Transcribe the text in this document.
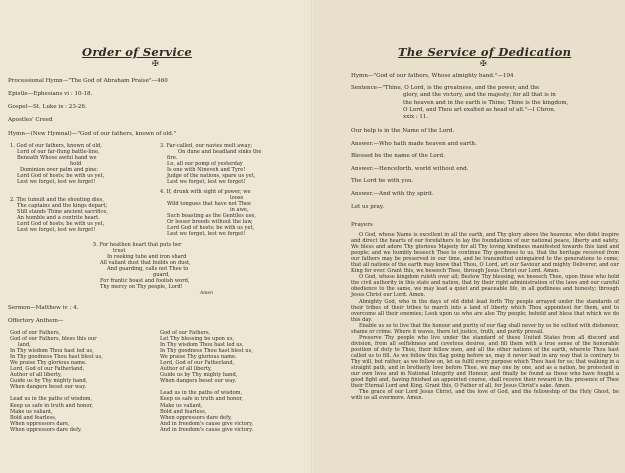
Order of Service
✠
Processional Hymn—"The God of Abraham Praise"—460
Epistle—Ephesians vi : 10-18.
Gospel—St. Luke ix : 23-26.
Apostles' Creed
Hymn—(New Hymnal)—"God of our fathers, known of old."
1. God of our fathers, known of old,
Lord of our far-flung battle-line,
Beneath Whose awful hand we
hold
Dominion over palm and pine:
Lord God of hosts; be with us yet,
Lest we forget, lest we forget!
2. The tumult and the shouting dies,
The captains and the kings depart;
Still stands Thine ancient sacrifice,
An humble and a contrite heart.
Lord God of hosts; be with us yet,
Lest we forget, lest we forget!
3. Far-called, our navies melt away;
On dune and headland sinks the
fire.
Lo, all our pomp of yesterday
Is one with Nineveh and Tyre!
Judge of the nations, spare us yet,
Lest we forget, lest we forget!
4. If, drunk with sight of power, we
loose
Wild tongues that have not Thee
in awe,
Such boasting as the Gentiles use,
Or lesser breeds without the law,
Lord God of hosts; be with us yet,
Lest we forget, lest we forget!
5. For heathen heart that puts her
trust
In reeking tube and iron shard
All valiant dust that builds on dust,
And guarding, calls not Thee to
guard,
For frantic boast and foolish word,
Thy mercy on Thy people, Lord!
Amen
Sermon—Matthew iv : 4.
Offertory Anthem—
God of our Fathers,
God of our Fathers, bless this our
land,
In Thy wisdom Thou hast led us,
In Thy goodness Thou hast blest us,
We praise Thy glorious name.
Lord, God of our Fatherland,
Author of all liberty,
Guide us by Thy mighty hand,
When dangers beset our way.
Lead us in the paths of wisdom,
Keep us safe in truth and honor,
Make us valiant,
Bold and fearless,
When oppressors dare,
When oppressors dare defy.
God of our Fathers,
Let Thy blessing be upon us,
In Thy wisdom Thou hast led us,
In Thy goodness Thou hast blest us,
We praise Thy glorious name.
Lord, God of our Fatherland,
Author of all liberty,
Guide us by Thy mighty hand,
When dangers beset our way.
Lead us in the paths of wisdom,
Keep us safe in truth and honor,
Make us valiant,
Bold and fearless,
When oppressors dare defy,
And in freedom's cause give victory,
And in freedom's cause give victory.
The Service of Dedication
✠
Hymn—"God of our fathers, Whose almighty hand."—194
Sentence—"Thine, O Lord, is the greatness, and the power, and the
glory, and the victory, and the majesty; for all that is in
the heaven and in the earth is Thine; Thine is the kingdom,
O Lord, and Thou art exalted as head of all."—I Chron.
xxix : 11.
Our help is in the Name of the Lord.
Answer.—Who hath made heaven and earth.
Blessed be the name of the Lord.
Answer.—Henceforth, world without end.
The Lord be with you.
Answer.—And with thy spirit.
Let us pray.
Prayers

O God, whose Name is excellent in all the earth, and Thy glory above the heavens; who didst inspire and direct the hearts of our forefathers to lay the foundations of our national peace, liberty and safety. We bless and adore Thy glorious Majesty for all Thy loving kindness manifested towards this land and people; and we humbly beseech Thee to continue Thy goodness to us, that the heritage received from our fathers may be preserved in our time, and be transmitted unimpaired to the generations to come; that all nations of the earth may know that Thou, O Lord, art our Saviour and mighty Deliverer, and our King for ever. Grant this, we beseech Thee, through Jesus Christ our Lord. Amen.

O God, whose kingdom ruleth over all; Bestow Thy blessing, we beseech Thee, upon those who hold the civil authority in this state and nation, that by their right administration of the laws and our careful obedience to the same, we may lead a quiet and peaceable life, in all godliness and honesty; through Jesus Christ our Lord. Amen.

Almighty God, who in the days of old didst lead forth Thy people arrayed under the standards of their tribes of their tribes to march into a land of liberty which Thou appointest for them, and to overcome all their enemies; Look upon us who are also Thy people; behold and bless that which we do this day.

Enable us so to live that the honour and purity of our flag shall never by us be sullied with dishonour, shame or crime. Where it waves, there let justice, truth, and purity prevail.

Preserve Thy people who live under the standard of these United States from all discord and division, from all selfishness and covetous desires, and fill them with a true sense of the honorable position of duty to Thou, their fellow men, and all the other nations of the earth, whereto Thou hast called us to fill. As we follow this flag going before us, may it never lead in any way that is contrary to Thy will, but rather, as we follow on, let us fulfil every purpose which Thou hast for us; that walking in a straight path, and in brotherly love before Thee, we may one by one, and as a nation, be protected in our own lives and in National Integrity and Honour, and finally be found as those who have fought a good fight and, having finished an appointed course, shall receive their reward in the presence of Thee their Eternal Lord and King. Grant this, O Father of all, for Jesus Christ's sake. Amen.

The grace of our Lord Jesus Christ, and the love of God, and the fellowship of the Holy Ghost, be with us all evermore. Amen.
